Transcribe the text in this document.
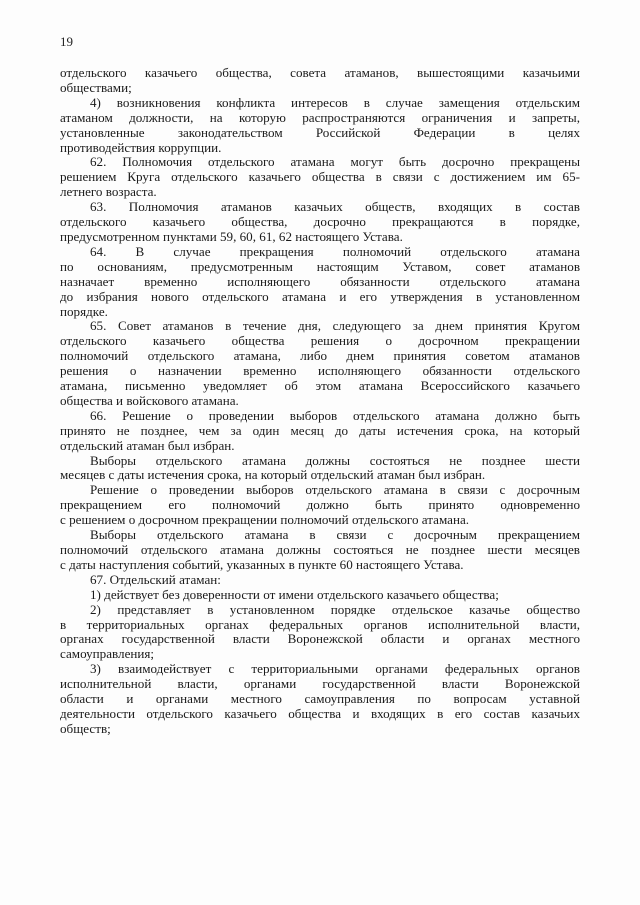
19
отдельского казачьего общества, совета атаманов, вышестоящими казачьими
обществами;
4) возникновения конфликта интересов в случае замещения отдельским
атаманом должности, на которую распространяются ограничения и запреты,
установленные законодательством Российской Федерации в целях
противодействия коррупции.
62. Полномочия отдельского атамана могут быть досрочно прекращены
решением Круга отдельского казачьего общества в связи с достижением им 65-
летнего возраста.
63. Полномочия атаманов казачьих обществ, входящих в состав
отдельского казачьего общества, досрочно прекращаются в порядке,
предусмотренном пунктами 59, 60, 61, 62 настоящего Устава.
64. В случае прекращения полномочий отдельского атамана
по основаниям, предусмотренным настоящим Уставом, совет атаманов
назначает временно исполняющего обязанности отдельского атамана
до избрания нового отдельского атамана и его утверждения в установленном
порядке.
65. Совет атаманов в течение дня, следующего за днем принятия Кругом
отдельского казачьего общества решения о досрочном прекращении
полномочий отдельского атамана, либо днем принятия советом атаманов
решения о назначении временно исполняющего обязанности отдельского
атамана, письменно уведомляет об этом атамана Всероссийского казачьего
общества и войскового атамана.
66. Решение о проведении выборов отдельского атамана должно быть
принято не позднее, чем за один месяц до даты истечения срока, на который
отдельский атаман был избран.
Выборы отдельского атамана должны состояться не позднее шести
месяцев с даты истечения срока, на который отдельский атаман был избран.
Решение о проведении выборов отдельского атамана в связи с досрочным
прекращением его полномочий должно быть принято одновременно
с решением о досрочном прекращении полномочий отдельского атамана.
Выборы отдельского атамана в связи с досрочным прекращением
полномочий отдельского атамана должны состояться не позднее шести месяцев
с даты наступления событий, указанных в пункте 60 настоящего Устава.
67. Отдельский атаман:
1) действует без доверенности от имени отдельского казачьего общества;
2) представляет в установленном порядке отдельское казачье общество
в территориальных органах федеральных органов исполнительной власти,
органах государственной власти Воронежской области и органах местного
самоуправления;
3) взаимодействует с территориальными органами федеральных органов
исполнительной власти, органами государственной власти Воронежской
области и органами местного самоуправления по вопросам уставной
деятельности отдельского казачьего общества и входящих в его состав казачьих
обществ;
